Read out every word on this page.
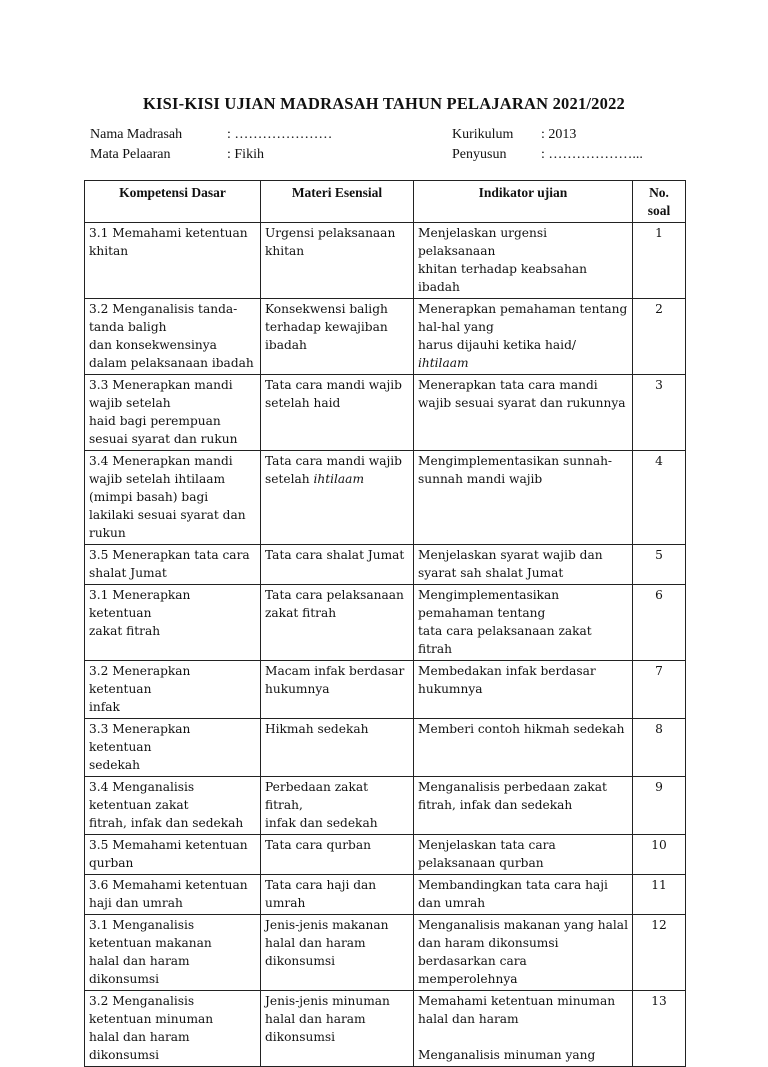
KISI-KISI UJIAN MADRASAH TAHUN PELAJARAN 2021/2022
Nama Madrasah	: …………………
Mata Pelaaran	: Fikih
Kurikulum : 2013
Penyusun : ………………...
Kompetensi Dasar	Materi Esensial	Indikator ujian	No.
soal

3.1 Memahami ketentuan
khitan	Urgensi pelaksanaan
khitan	Menjelaskan urgensi pelaksanaan
khitan terhadap keabsahan ibadah	1

3.2 Menganalisis tanda-
tanda baligh
dan konsekwensinya
dalam pelaksanaan ibadah	Konsekwensi baligh
terhadap kewajiban
ibadah	Menerapkan pemahaman tentang
hal-hal yang
harus dijauhi ketika haid/ ihtilaam	2

3.3 Menerapkan mandi
wajib setelah
haid bagi perempuan
sesuai syarat dan rukun	Tata cara mandi wajib
setelah haid	Menerapkan tata cara mandi
wajib sesuai syarat dan rukunnya	3

3.4 Menerapkan mandi
wajib setelah ihtilaam
(mimpi basah) bagi
lakilaki sesuai syarat dan
rukun	Tata cara mandi wajib
setelah ihtilaam	Mengimplementasikan sunnah-
sunnah mandi wajib	4

3.5 Menerapkan tata cara
shalat Jumat	Tata cara shalat Jumat	Menjelaskan syarat wajib dan
syarat sah shalat Jumat	5

3.1 Menerapkan ketentuan
zakat fitrah	Tata cara pelaksanaan
zakat fitrah	Mengimplementasikan
pemahaman tentang
tata cara pelaksanaan zakat fitrah	6

3.2 Menerapkan ketentuan
infak	Macam infak berdasar
hukumnya	Membedakan infak berdasar
hukumnya	7

3.3 Menerapkan ketentuan
sedekah	Hikmah sedekah	Memberi contoh hikmah sedekah	8

3.4 Menganalisis
ketentuan zakat
fitrah, infak dan sedekah	Perbedaan zakat fitrah,
infak dan sedekah	Menganalisis perbedaan zakat
fitrah, infak dan sedekah	9

3.5 Memahami ketentuan
qurban	Tata cara qurban	Menjelaskan tata cara
pelaksanaan qurban	10

3.6 Memahami ketentuan
haji dan umrah	Tata cara haji dan
umrah	Membandingkan tata cara haji
dan umrah	11

3.1 Menganalisis
ketentuan makanan
halal dan haram
dikonsumsi	Jenis-jenis makanan
halal dan haram
dikonsumsi	Menganalisis makanan yang halal
dan haram dikonsumsi
berdasarkan cara memperolehnya	12

3.2 Menganalisis
ketentuan minuman
halal dan haram
dikonsumsi	Jenis-jenis minuman
halal dan haram
dikonsumsi	Memahami ketentuan minuman
halal dan haram

Menganalisis minuman yang	13
